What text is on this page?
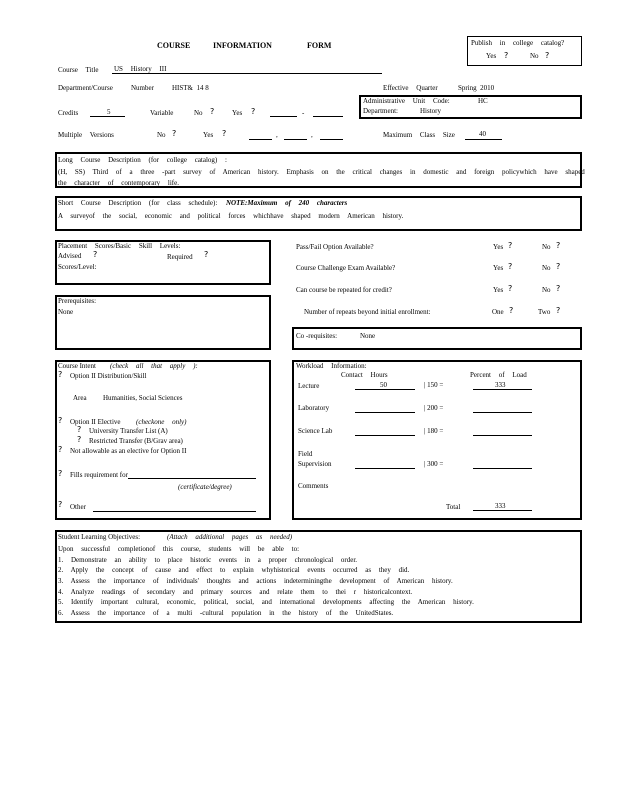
COURSE	INFORMATION	FORM	Publish in college catalog?
Yes ?	No ?
Course Title US History III
Department/Course	Number	HIST&  14 8	Effective Quarter	Spring  2010
Administrative Unit Code:	HC
Department:	History
Credits	5	Variable	No ?	Yes ?	-
Multiple Versions	No ?	Yes ?	,	,	Maximum Class Size	40
Long Course Description (for college catalog) :
(H, SS) Third of a three -part survey of American history. Emphasis on the critical changes in domestic and foreign policywhich have shaped
the character of contemporary life.
Short Course Description (for class schedule): NOTE:Maximum of 240 characters
A surveyof the social, economic and political forces whichhave shaped modern American history.
Placement Scores/Basic Skill Levels:
Advised ?	Required ?
Scores/Level:
Pass/Fail Option Available?	Yes ?	No ?
Course Challenge Exam Available?	Yes ?	No ?
Can course be repeated for credit?	Yes ?	No ?
Number of repeats beyond initial enrollment:	One ?	Two ?
Prerequisites:
None
Co -requisites:	None
Course Intent (check all that apply ):
? Option II Distribution/Skill
Area Humanities, Social Sciences
? Option II Elective (checkone only)
? University Transfer List (A)
? Restricted Transfer (B/Grav area)
? Not allowable as an elective for Option II
? Fills requirement for
(certificate/degree)
? Other
Workload Information:
Contact Hours	Percent of Load
Lecture	50	| 150 =	333
Laboratory	| 200 =
Science Lab	| 180 =
Field
Supervision	| 300 =
Comments
Total	333
Student Learning Objectives:	(Attach additional pages as needed)
Upon successful completionof this course, students will be able to:
1. Demonstrate an ability to place historic events in a proper chronological order.
2. Apply the concept of cause and effect to explain whyhistorical events occurred as they did.
3. Assess the importance of individuals' thoughts and actions indeterminingthe development of American history.
4. Analyze readings of secondary and primary sources and relate them to thei r historicalcontext.
5. Identify important cultural, economic, political, social, and international developments affecting the American history.
6. Assess the importance of a multi -cultural population in the history of the UnitedStates.
